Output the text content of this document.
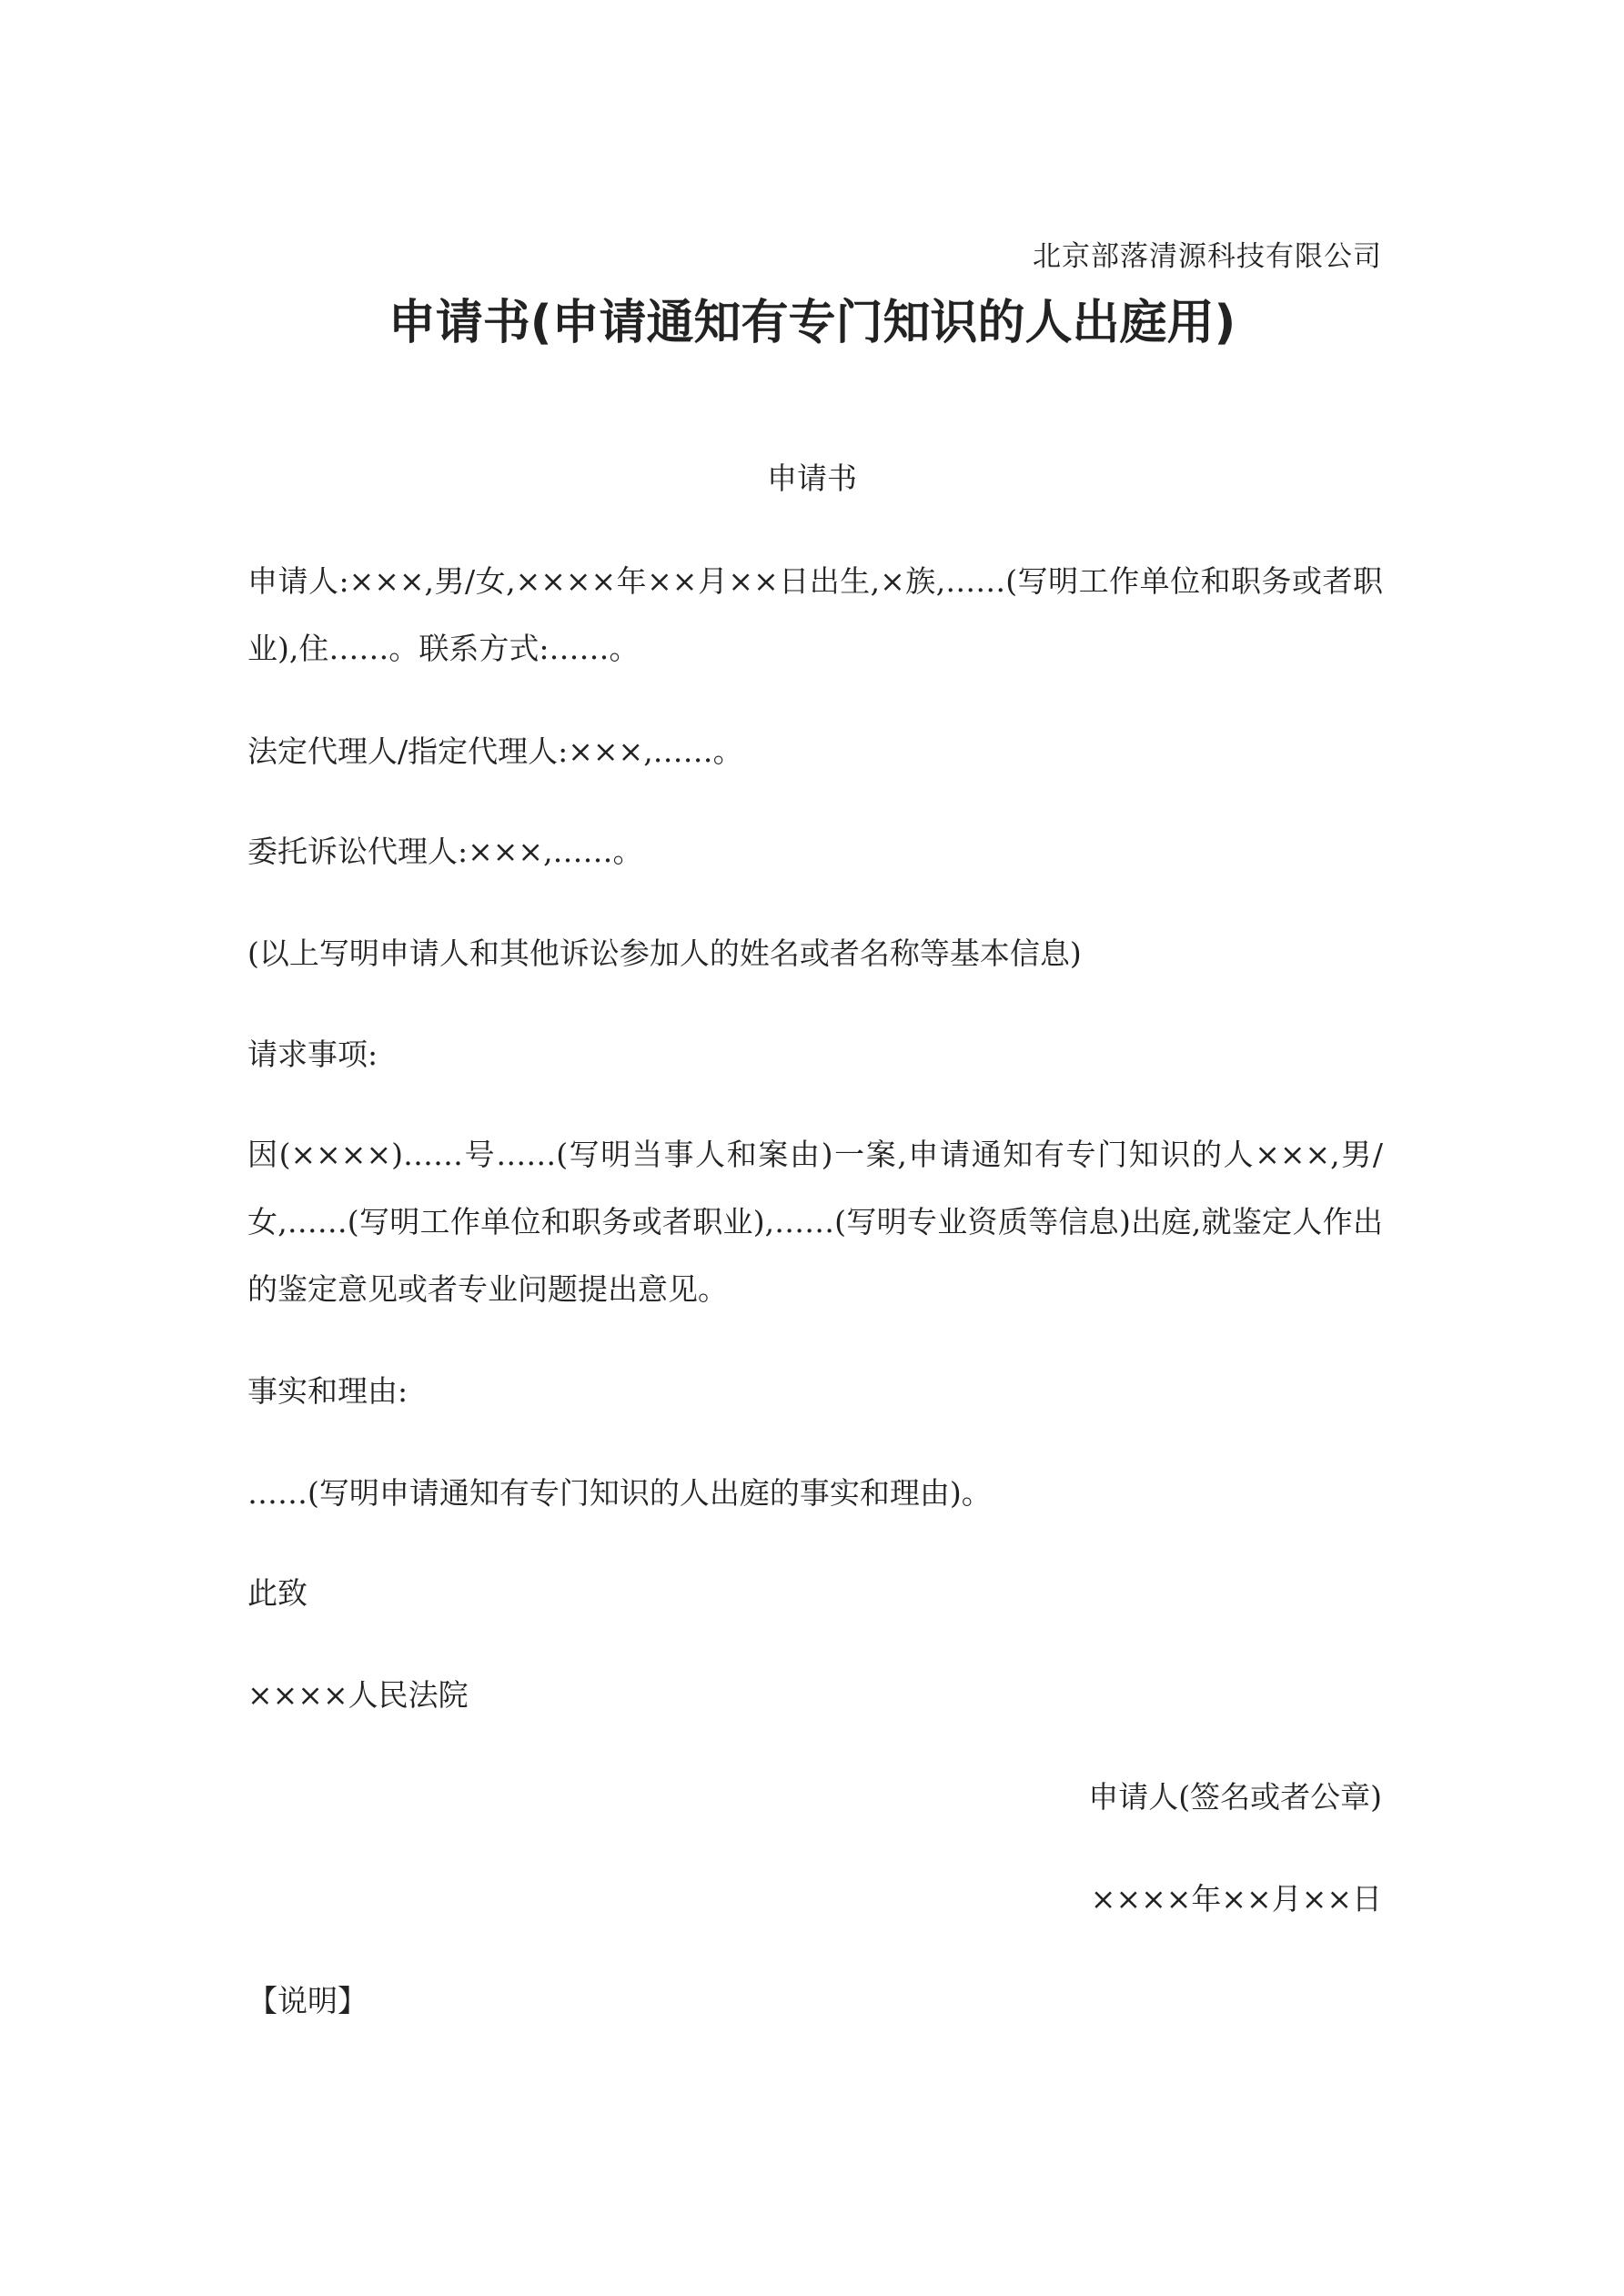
北京部落清源科技有限公司
申请书(申请通知有专门知识的人出庭用)
申请书
申请人:×××,男/女,××××年××月××日出生,×族,……(写明工作单位和职务或者职业),住……。联系方式:……。
法定代理人/指定代理人:×××,……。
委托诉讼代理人:×××,……。
(以上写明申请人和其他诉讼参加人的姓名或者名称等基本信息)
请求事项:
因(××××)……号……(写明当事人和案由)一案,申请通知有专门知识的人×××,男/女,……(写明工作单位和职务或者职业),……(写明专业资质等信息)出庭,就鉴定人作出的鉴定意见或者专业问题提出意见。
事实和理由:
……(写明申请通知有专门知识的人出庭的事实和理由)。
此致
××××人民法院
申请人(签名或者公章)
××××年××月××日
【说明】
